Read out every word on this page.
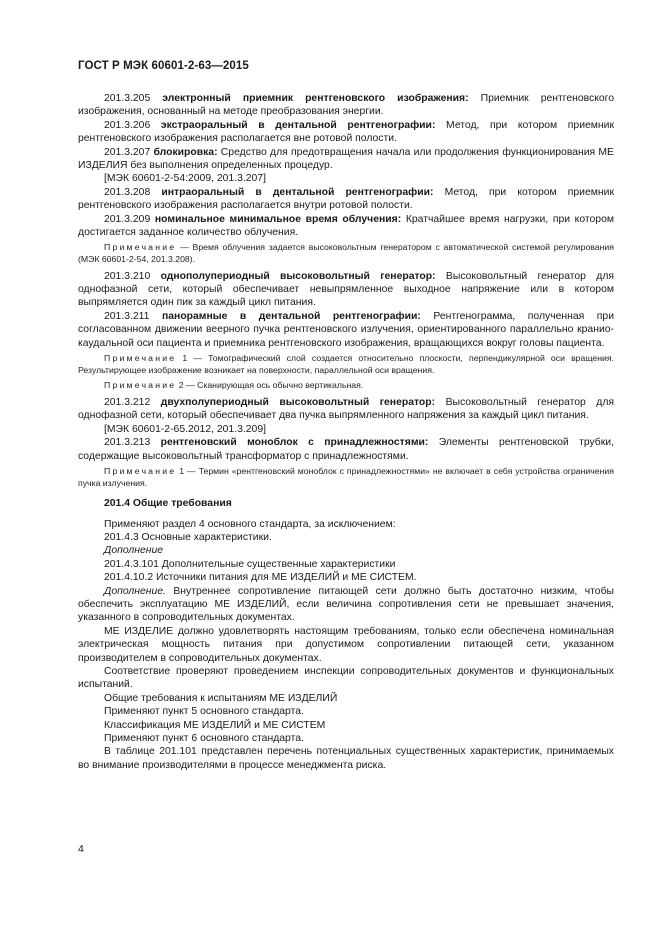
ГОСТ Р МЭК 60601-2-63—2015

201.3.205 электронный приемник рентгеновского изображения: Приемник рентгеновского изображения, основанный на методе преобразования энергии.

201.3.206 экстраоральный в дентальной рентгенографии: Метод, при котором приемник рентгеновского изображения располагается вне ротовой полости.

201.3.207 блокировка: Средство для предотвращения начала или продолжения функционирования МЕ ИЗДЕЛИЯ без выполнения определенных процедур.

[МЭК 60601-2-54:2009, 201.3.207]

201.3.208 интраоральный в дентальной рентгенографии: Метод, при котором приемник рентгеновского изображения располагается внутри ротовой полости.

201.3.209 номинальное минимальное время облучения: Кратчайшее время нагрузки, при котором достигается заданное количество облучения.

Примечание — Время облучения задается высоковольтным генератором с автоматической системой регулирования (МЭК 60601-2-54, 201.3.208).

201.3.210 однополупериодный высоковольтный генератор: Высоковольтный генератор для однофазной сети, который обеспечивает невыпрямленное выходное напряжение или в котором выпрямляется один пик за каждый цикл питания.

201.3.211 панорамные в дентальной рентгенографии: Рентгенограмма, полученная при согласованном движении веерного пучка рентгеновского излучения, ориентированного параллельно кранио-каудальной оси пациента и приемника рентгеновского изображения, вращающихся вокруг головы пациента.

Примечание 1 — Томографический слой создается относительно плоскости, перпендикулярной оси вращения. Результирующее изображение возникает на поверхности, параллельной оси вращения.

Примечание 2 — Сканирующая ось обычно вертикальная.

201.3.212 двухполупериодный высоковольтный генератор: Высоковольтный генератор для однофазной сети, который обеспечивает два пучка выпрямленного напряжения за каждый цикл питания.

[МЭК 60601-2-65.2012, 201.3.209]

201.3.213 рентгеновский моноблок с принадлежностями: Элементы рентгеновской трубки, содержащие высоковольтный трансформатор с принадлежностями.

Примечание 1 — Термин «рентгеновский моноблок с принадлежностями» не включает в себя устройства ограничения пучка излучения.

201.4 Общие требования

Применяют раздел 4 основного стандарта, за исключением:

201.4.3 Основные характеристики.

Дополнение

201.4.3.101 Дополнительные существенные характеристики

201.4.10.2 Источники питания для МЕ ИЗДЕЛИЙ и МЕ СИСТЕМ.

Дополнение. Внутреннее сопротивление питающей сети должно быть достаточно низким, чтобы обеспечить эксплуатацию МЕ ИЗДЕЛИЙ, если величина сопротивления сети не превышает значения, указанного в сопроводительных документах.

МЕ ИЗДЕЛИЕ должно удовлетворять настоящим требованиям, только если обеспечена номинальная электрическая мощность питания при допустимом сопротивлении питающей сети, указанном производителем в сопроводительных документах.

Соответствие проверяют проведением инспекции сопроводительных документов и функциональных испытаний.

Общие требования к испытаниям МЕ ИЗДЕЛИЙ

Применяют пункт 5 основного стандарта.

Классификация МЕ ИЗДЕЛИЙ и МЕ СИСТЕМ

Применяют пункт 6 основного стандарта.

В таблице 201.101 представлен перечень потенциальных существенных характеристик, принимаемых во внимание производителями в процессе менеджмента риска.

4
